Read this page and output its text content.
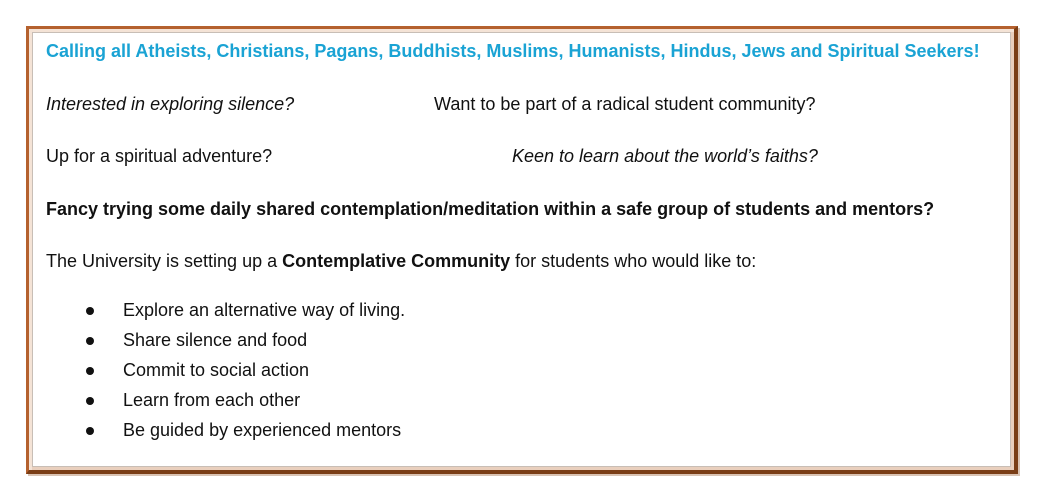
Calling all Atheists, Christians, Pagans, Buddhists, Muslims, Humanists, Hindus, Jews and Spiritual Seekers!
Interested in exploring silence?	Want to be part of a radical student community?
Up for a spiritual adventure?	Keen to learn about the world’s faiths?
Fancy trying some daily shared contemplation/meditation within a safe group of students and mentors?
The University is setting up a Contemplative Community for students who would like to:
Explore an alternative way of living.
Share silence and food
Commit to social action
Learn from each other
Be guided by experienced mentors
